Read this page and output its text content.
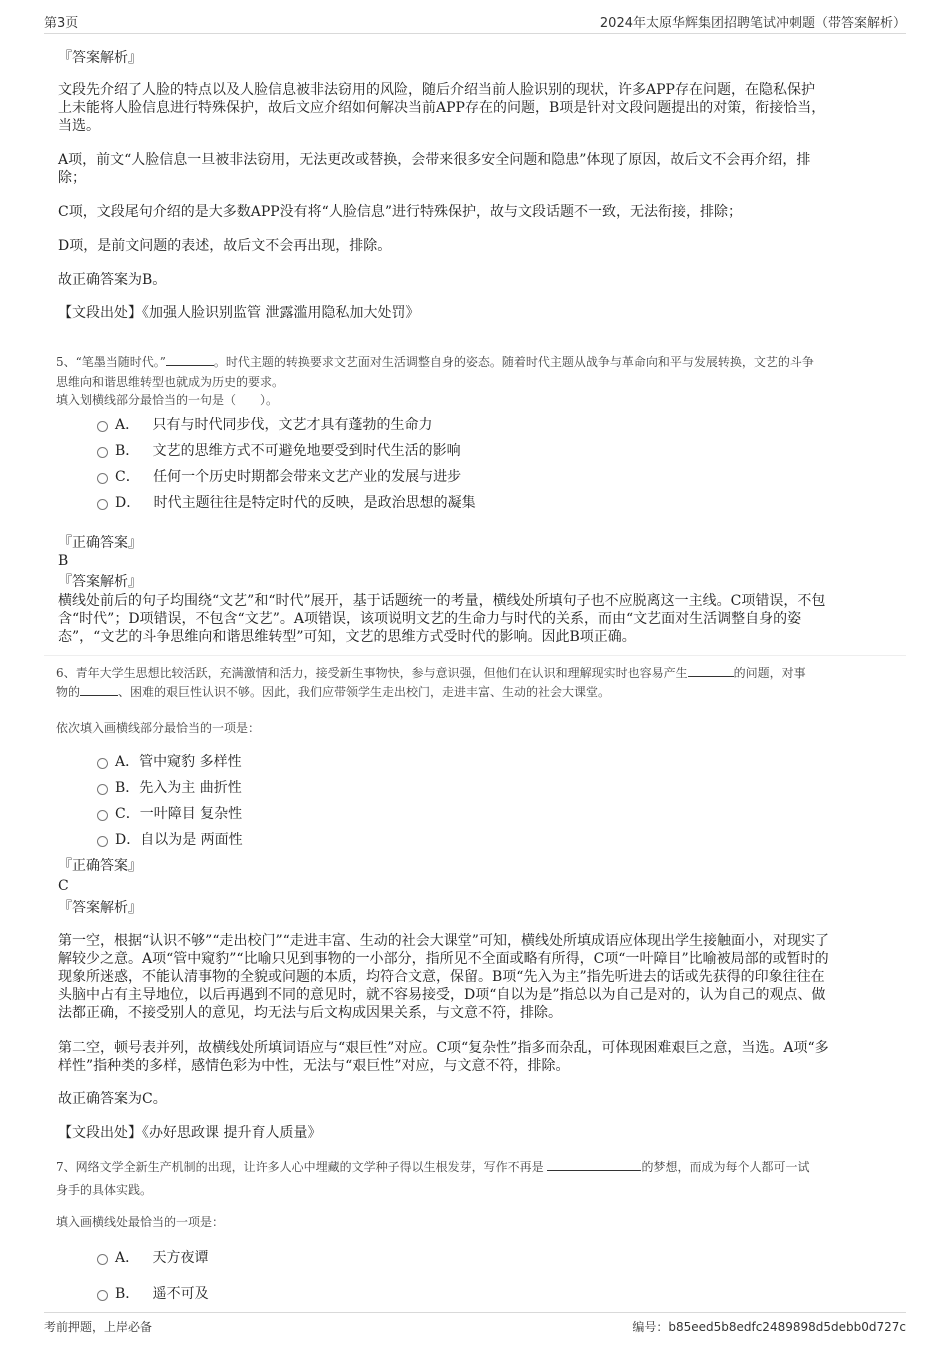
第3页	2024年太原华辉集团招聘笔试冲刺题（带答案解析）
『答案解析』
文段先介绍了人脸的特点以及人脸信息被非法窃用的风险，随后介绍当前人脸识别的现状，许多APP存在问题，在隐私保护
上未能将人脸信息进行特殊保护，故后文应介绍如何解决当前APP存在的问题，B项是针对文段问题提出的对策，衔接恰当，
当选。
A项，前文“人脸信息一旦被非法窃用，无法更改或替换，会带来很多安全问题和隐患”体现了原因，故后文不会再介绍，排
除；
C项，文段尾句介绍的是大多数APP没有将“人脸信息”进行特殊保护，故与文段话题不一致，无法衔接，排除；
D项，是前文问题的表述，故后文不会再出现，排除。
故正确答案为B。
【文段出处】《加强人脸识别监管 泄露滥用隐私加大处罚》
5、“笔墨当随时代。”	。时代主题的转换要求文艺面对生活调整自身的姿态。随着时代主题从战争与革命向和平与发展转换，文艺的斗争
思维向和谐思维转型也就成为历史的要求。
填入划横线部分最恰当的一句是（　　）。
A． 只有与时代同步伐，文艺才具有蓬勃的生命力
B． 文艺的思维方式不可避免地要受到时代生活的影响
C． 任何一个历史时期都会带来文艺产业的发展与进步
D． 时代主题往往是特定时代的反映，是政治思想的凝集
『正确答案』
B
『答案解析』
横线处前后的句子均围绕“文艺”和“时代”展开，基于话题统一的考量，横线处所填句子也不应脱离这一主线。C项错误，不包
含“时代”；D项错误，不包含“文艺”。A项错误，该项说明文艺的生命力与时代的关系，而由“文艺面对生活调整自身的姿
态”，“文艺的斗争思维向和谐思维转型”可知，文艺的思维方式受时代的影响。因此B项正确。
6、青年大学生思想比较活跃，充满激情和活力，接受新生事物快，参与意识强，但他们在认识和理解现实时也容易产生	的问题，对事
物的	、困难的艰巨性认识不够。因此，我们应带领学生走出校门，走进丰富、生动的社会大课堂。
依次填入画横线部分最恰当的一项是：
A．管中窥豹 多样性
B．先入为主 曲折性
C．一叶障目 复杂性
D．自以为是 两面性
『正确答案』
C
『答案解析』
第一空，根据“认识不够”“走出校门”“走进丰富、生动的社会大课堂”可知，横线处所填成语应体现出学生接触面小，对现实了
解较少之意。A项“管中窥豹”“比喻只见到事物的一小部分，指所见不全面或略有所得，C项“一叶障目”比喻被局部的或暂时的
现象所迷惑，不能认清事物的全貌或问题的本质，均符合文意，保留。B项“先入为主”指先听进去的话或先获得的印象往往在
头脑中占有主导地位，以后再遇到不同的意见时，就不容易接受，D项“自以为是”指总以为自己是对的，认为自己的观点、做
法都正确，不接受别人的意见，均无法与后文构成因果关系，与文意不符，排除。
第二空，顿号表并列，故横线处所填词语应与“艰巨性”对应。C项“复杂性”指多而杂乱，可体现困难艰巨之意，当选。A项“多
样性”指种类的多样，感情色彩为中性，无法与“艰巨性”对应，与文意不符，排除。
故正确答案为C。
【文段出处】《办好思政课 提升育人质量》
7、网络文学全新生产机制的出现，让许多人心中埋藏的文学种子得以生根发芽，写作不再是	的梦想，而成为每个人都可一试
身手的具体实践。
填入画横线处最恰当的一项是：
A． 天方夜谭
B． 遥不可及
考前押题，上岸必备	编号：b85eed5b8edfc2489898d5debb0d727c
